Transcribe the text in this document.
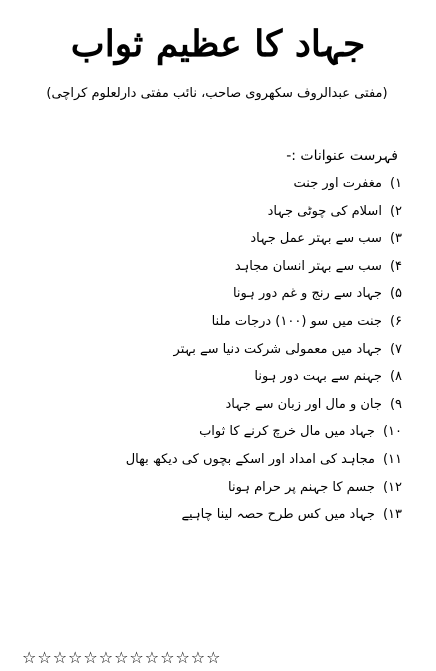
جہاد کا عظیم ثواب
(مفتی عبدالروف سکھروی صاحب، نائب مفتی دارلعلوم کراچی)
فہرست عنوانات :-
۱)مغفرت اور جنت
۲)اسلام کی چوٹی جہاد
۳)سب سے بہتر عمل جہاد
۴)سب سے بہتر انسان مجاہد
۵)جہاد سے رنج و غم دور ہونا
۶)جنت میں سو (۱۰۰) درجات ملنا
۷)جہاد میں معمولی شرکت دنیا سے بہتر
۸)جہنم سے بہت دور ہونا
۹)جان و مال اور زبان سے جہاد
۱۰)جہاد میں مال خرچ کرنے کا ثواب
۱۱)مجاہد کی امداد اور اسکے بچوں کی دیکھ بھال
۱۲)جسم کا جہنم پر حرام ہونا
۱۳)جہاد میں کس طرح حصہ لینا چاہیے
☆☆☆☆☆☆☆☆☆☆☆☆☆
